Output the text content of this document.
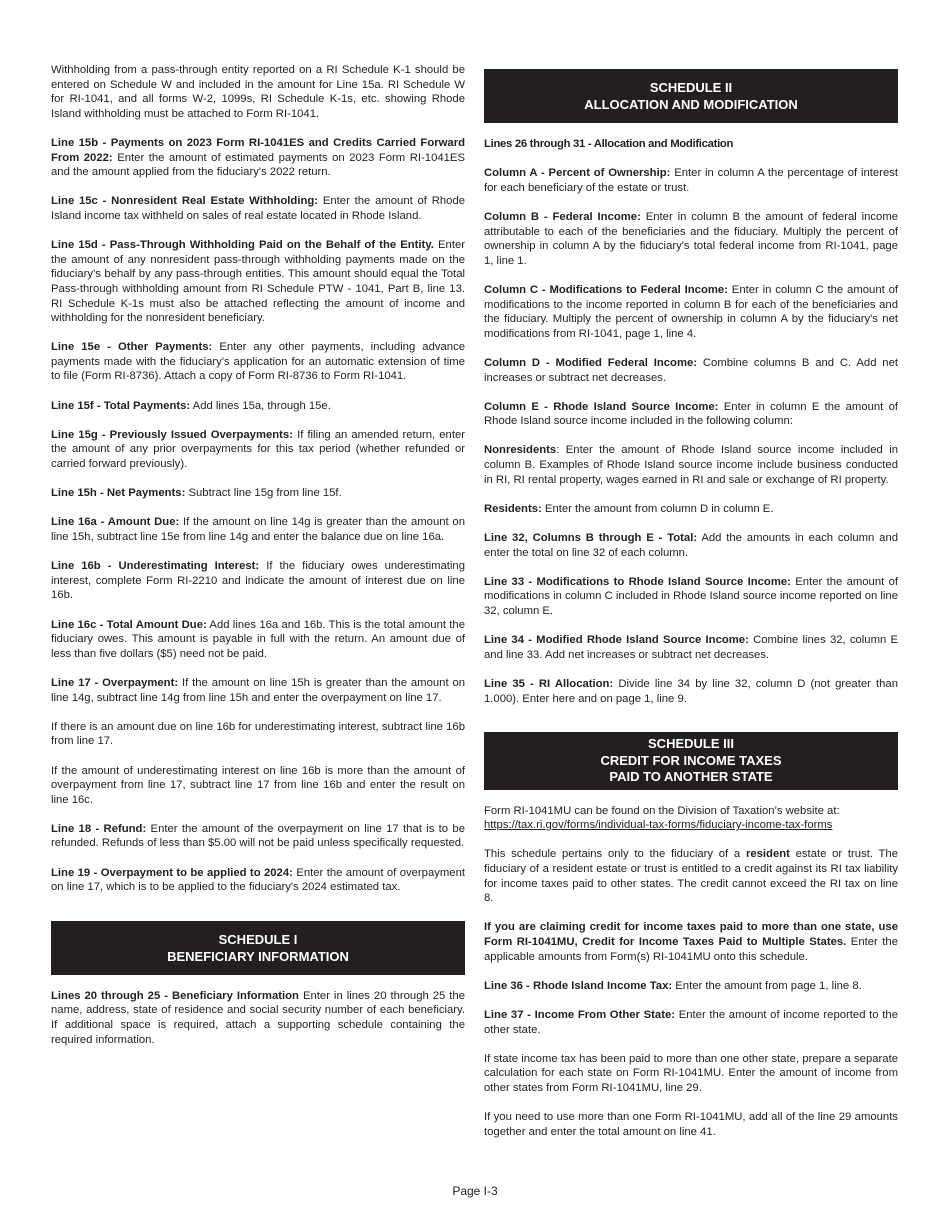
Withholding from a pass-through entity reported on a RI Schedule K-1 should be entered on Schedule W and included in the amount for Line 15a. RI Schedule W for RI-1041, and all forms W-2, 1099s, RI Schedule K-1s, etc. showing Rhode Island withholding must be attached to Form RI-1041.

Line 15b - Payments on 2023 Form RI-1041ES and Credits Carried Forward From 2022: Enter the amount of estimated payments on 2023 Form RI-1041ES and the amount applied from the fiduciary's 2022 return.

Line 15c - Nonresident Real Estate Withholding: Enter the amount of Rhode Island income tax withheld on sales of real estate located in Rhode Island.

Line 15d - Pass-Through Withholding Paid on the Behalf of the Entity. Enter the amount of any nonresident pass-through withholding payments made on the fiduciary's behalf by any pass-through entities. This amount should equal the Total Pass-through withholding amount from RI Schedule PTW - 1041, Part B, line 13. RI Schedule K-1s must also be attached reflecting the amount of income and withholding for the nonresident beneficiary.

Line 15e - Other Payments: Enter any other payments, including advance payments made with the fiduciary's application for an automatic extension of time to file (Form RI-8736). Attach a copy of Form RI-8736 to Form RI-1041.

Line 15f - Total Payments: Add lines 15a, through 15e.

Line 15g - Previously Issued Overpayments: If filing an amended return, enter the amount of any prior overpayments for this tax period (whether refunded or carried forward previously).

Line 15h - Net Payments: Subtract line 15g from line 15f.

Line 16a - Amount Due: If the amount on line 14g is greater than the amount on line 15h, subtract line 15e from line 14g and enter the balance due on line 16a.

Line 16b - Underestimating Interest: If the fiduciary owes underestimating interest, complete Form RI-2210 and indicate the amount of interest due on line 16b.

Line 16c - Total Amount Due: Add lines 16a and 16b. This is the total amount the fiduciary owes. This amount is payable in full with the return. An amount due of less than five dollars ($5) need not be paid.

Line 17 - Overpayment: If the amount on line 15h is greater than the amount on line 14g, subtract line 14g from line 15h and enter the overpayment on line 17.

If there is an amount due on line 16b for underestimating interest, subtract line 16b from line 17.

If the amount of underestimating interest on line 16b is more than the amount of overpayment from line 17, subtract line 17 from line 16b and enter the result on line 16c.

Line 18 - Refund: Enter the amount of the overpayment on line 17 that is to be refunded. Refunds of less than $5.00 will not be paid unless specifically requested.

Line 19 - Overpayment to be applied to 2024: Enter the amount of overpayment on line 17, which is to be applied to the fiduciary's 2024 estimated tax.

SCHEDULE I
BENEFICIARY INFORMATION

Lines 20 through 25 - Beneficiary Information Enter in lines 20 through 25 the name, address, state of residence and social security number of each beneficiary. If additional space is required, attach a supporting schedule containing the required information.

SCHEDULE II
ALLOCATION AND MODIFICATION

Lines 26 through 31 - Allocation and Modification

Column A - Percent of Ownership: Enter in column A the percentage of interest for each beneficiary of the estate or trust.

Column B - Federal Income: Enter in column B the amount of federal income attributable to each of the beneficiaries and the fiduciary. Multiply the percent of ownership in column A by the fiduciary's total federal income from RI-1041, page 1, line 1.

Column C - Modifications to Federal Income: Enter in column C the amount of modifications to the income reported in column B for each of the beneficiaries and the fiduciary. Multiply the percent of ownership in column A by the fiduciary's net modifications from RI-1041, page 1, line 4.

Column D - Modified Federal Income: Combine columns B and C. Add net increases or subtract net decreases.

Column E - Rhode Island Source Income: Enter in column E the amount of Rhode Island source income included in the following column:

Nonresidents: Enter the amount of Rhode Island source income included in column B. Examples of Rhode Island source income include business conducted in RI, RI rental property, wages earned in RI and sale or exchange of RI property.

Residents: Enter the amount from column D in column E.

Line 32, Columns B through E - Total: Add the amounts in each column and enter the total on line 32 of each column.

Line 33 - Modifications to Rhode Island Source Income: Enter the amount of modifications in column C included in Rhode Island source income reported on line 32, column E.

Line 34 - Modified Rhode Island Source Income: Combine lines 32, column E and line 33. Add net increases or subtract net decreases.

Line 35 - RI Allocation: Divide line 34 by line 32, column D (not greater than 1.000). Enter here and on page 1, line 9.

SCHEDULE III
CREDIT FOR INCOME TAXES
PAID TO ANOTHER STATE

Form RI-1041MU can be found on the Division of Taxation’s website at:
https://tax.ri.gov/forms/individual-tax-forms/fiduciary-income-tax-forms

This schedule pertains only to the fiduciary of a resident estate or trust. The fiduciary of a resident estate or trust is entitled to a credit against its RI tax liability for income taxes paid to other states. The credit cannot exceed the RI tax on line 8.

If you are claiming credit for income taxes paid to more than one state, use Form RI-1041MU, Credit for Income Taxes Paid to Multiple States. Enter the applicable amounts from Form(s) RI-1041MU onto this schedule.

Line 36 - Rhode Island Income Tax: Enter the amount from page 1, line 8.

Line 37 - Income From Other State: Enter the amount of income reported to the other state.

If state income tax has been paid to more than one other state, prepare a separate calculation for each state on Form RI-1041MU. Enter the amount of income from other states from Form RI-1041MU, line 29.

If you need to use more than one Form RI-1041MU, add all of the line 29 amounts together and enter the total amount on line 41.

Page I-3
